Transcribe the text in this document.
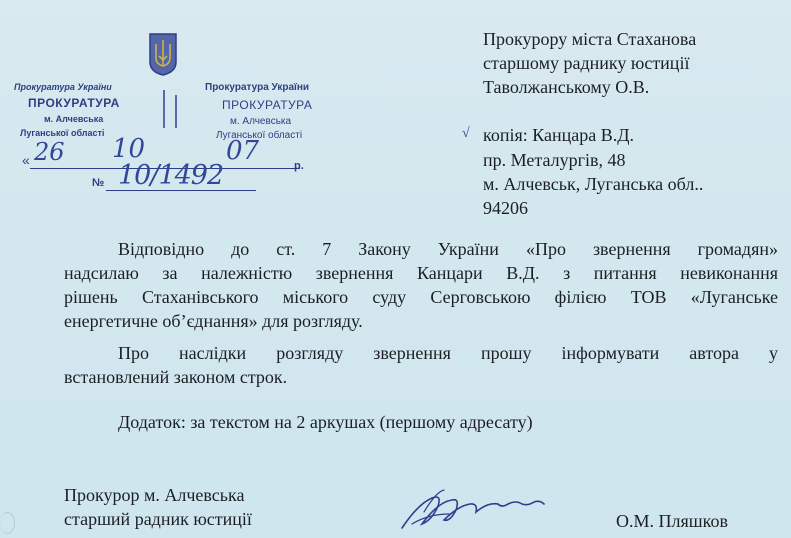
Прокуратура України
ПРОКУРАТУРА
м. Алчевська
Луганської області
Прокуратура України
ПРОКУРАТУРА
м. Алчевська
Луганської області
« 26 10	07	р.
№ 10/1492
Прокурору міста Стаханова
старшому раднику юстиції
Таволжанському О.В.
√ копія: Канцара В.Д.
пр. Металургів, 48
м. Алчевськ, Луганська обл..
94206
Відповідно до ст. 7 Закону України «Про звернення громадян»
надсилаю за належністю звернення Канцари В.Д. з питання невиконання
рішень Стаханівського міського суду Серговською філією ТОВ «Луганське
енергетичне об’єднання» для розгляду.
Про наслідки розгляду звернення прошу інформувати автора у
встановлений законом строк.
Додаток: за текстом на 2 аркушах (першому адресату)
Прокурор м. Алчевська
старший радник юстиції	О.М. Пляшков
